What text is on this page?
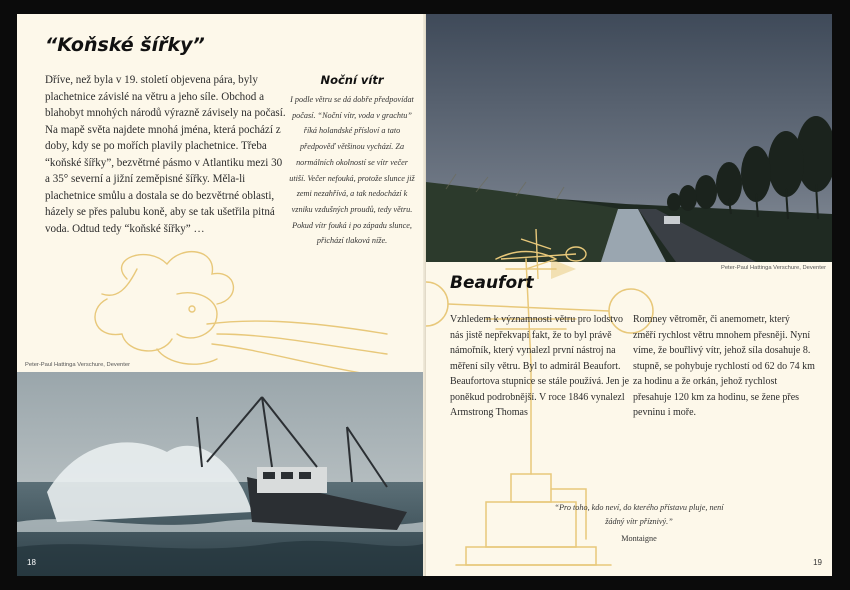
“Koňské šířky”

Dříve, než byla v 19. století objevena pára, byly plachetnice závislé na větru a jeho síle. Obchod a blahobyt mnohých národů výrazně závisely na počasí. Na mapě světa najdete mnohá jména, která pochází z doby, kdy se po mořích plavily plachetnice. Třeba “koňské šířky”, bezvětrné pásmo v Atlantiku mezi 30 a 35° severní a jižní zeměpisné šířky. Měla-li plachetnice smůlu a dostala se do bezvětrné oblasti, házely se přes palubu koně, aby se tak ušetřila pitná voda. Odtud tedy “koňské šířky” …

Noční vítr

I podle větru se dá dobře předpovídat počasí. “Noční vítr, voda v grachtu” říká holandské přísloví a tato předpověď většinou vychází. Za normálních okolností se vítr večer utiší. Večer nefouká, protože slunce již zemi nezahřívá, a tak nedochází k vzniku vzdušných proudů, tedy větru. Pokud vítr fouká i po západu slunce, přichází tlaková níže.

Peter-Paul Hattinga Verschure, Deventer
18
Peter-Paul Hattinga Verschure, Deventer
Beaufort

Vzhledem k významnosti větru pro lodstvo nás jistě nepřekvapí fakt, že to byl právě námořník, který vynalezl první nástroj na měření síly větru. Byl to admirál Beaufort. Beaufortova stupnice se stále používá. Jen je poněkud podrobnější. V roce 1846 vynalezl Armstrong Thomas

Romney větroměr, či anemometr, který změří rychlost větru mnohem přesněji. Nyní víme, že bouřlivý vítr, jehož síla dosahuje 8. stupně, se pohybuje rychlostí od 62 do 74 km za hodinu a že orkán, jehož rychlost přesahuje 120 km za hodinu, se žene přes pevninu i moře.

“Pro toho, kdo neví, do kterého přístavu pluje, není žádný vítr příznivý.”

Montaigne
19
